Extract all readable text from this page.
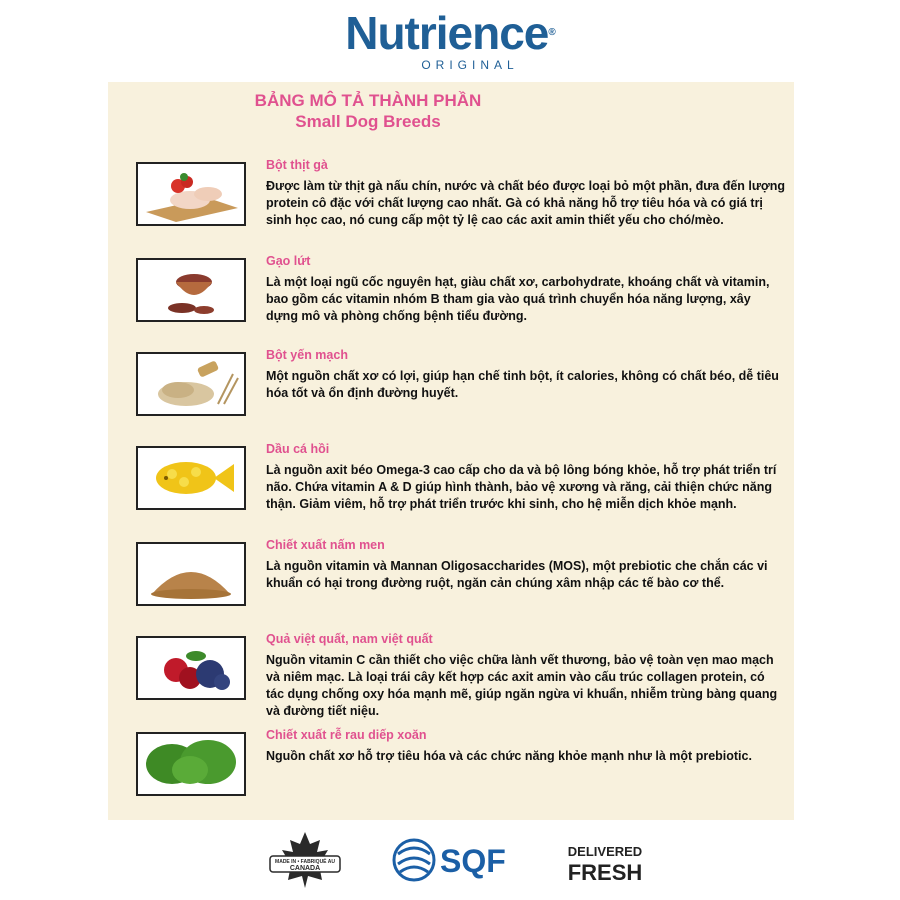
Nutrience®
ORIGINAL
BẢNG MÔ TẢ THÀNH PHẦN
Small Dog Breeds
Bột thịt gà
Được làm từ thịt gà nấu chín, nước và chất béo được loại bỏ một phần, đưa đến lượng protein cô đặc với chất lượng cao nhất. Gà có khả năng hỗ trợ tiêu hóa và có giá trị sinh học cao, nó cung cấp một tỷ lệ cao các axit amin thiết yếu cho chó/mèo.
Gạo lứt
Là một loại ngũ cốc nguyên hạt, giàu chất xơ, carbohydrate, khoáng chất và vitamin, bao gồm các vitamin nhóm B tham gia vào quá trình chuyển hóa năng lượng, xây dựng mô và phòng chống bệnh tiểu đường.
Bột yến mạch
Một nguồn chất xơ có lợi, giúp hạn chế tinh bột, ít calories, không có chất béo, dễ tiêu hóa tốt và ổn định đường huyết.
Dầu cá hồi
Là nguồn axit béo Omega-3 cao cấp cho da và bộ lông bóng khỏe, hỗ trợ phát triển trí não. Chứa vitamin A & D giúp hình thành, bảo vệ xương và răng, cải thiện chức năng thận. Giảm viêm, hỗ trợ phát triển trước khi sinh, cho hệ miễn dịch khỏe mạnh.
Chiết xuất nấm men
Là nguồn vitamin và Mannan Oligosaccharides (MOS), một prebiotic che chắn các vi khuẩn có hại trong đường ruột, ngăn cản chúng xâm nhập các tế bào cơ thể.
Quả việt quất, nam việt quất
Nguồn vitamin C cần thiết cho việc chữa lành vết thương, bảo vệ toàn vẹn mao mạch và niêm mạc. Là loại trái cây kết hợp các axit amin vào cấu trúc collagen protein, có tác dụng chống oxy hóa mạnh mẽ, giúp ngăn ngừa vi khuẩn, nhiễm trùng bàng quang và đường tiết niệu.
Chiết xuất rễ rau diếp xoăn
Nguồn chất xơ hỗ trợ tiêu hóa và các chức năng khỏe mạnh như là một prebiotic.
MADE IN • FABRIQUÉ AU
CANADA	SQF	DELIVERED
FRESH
